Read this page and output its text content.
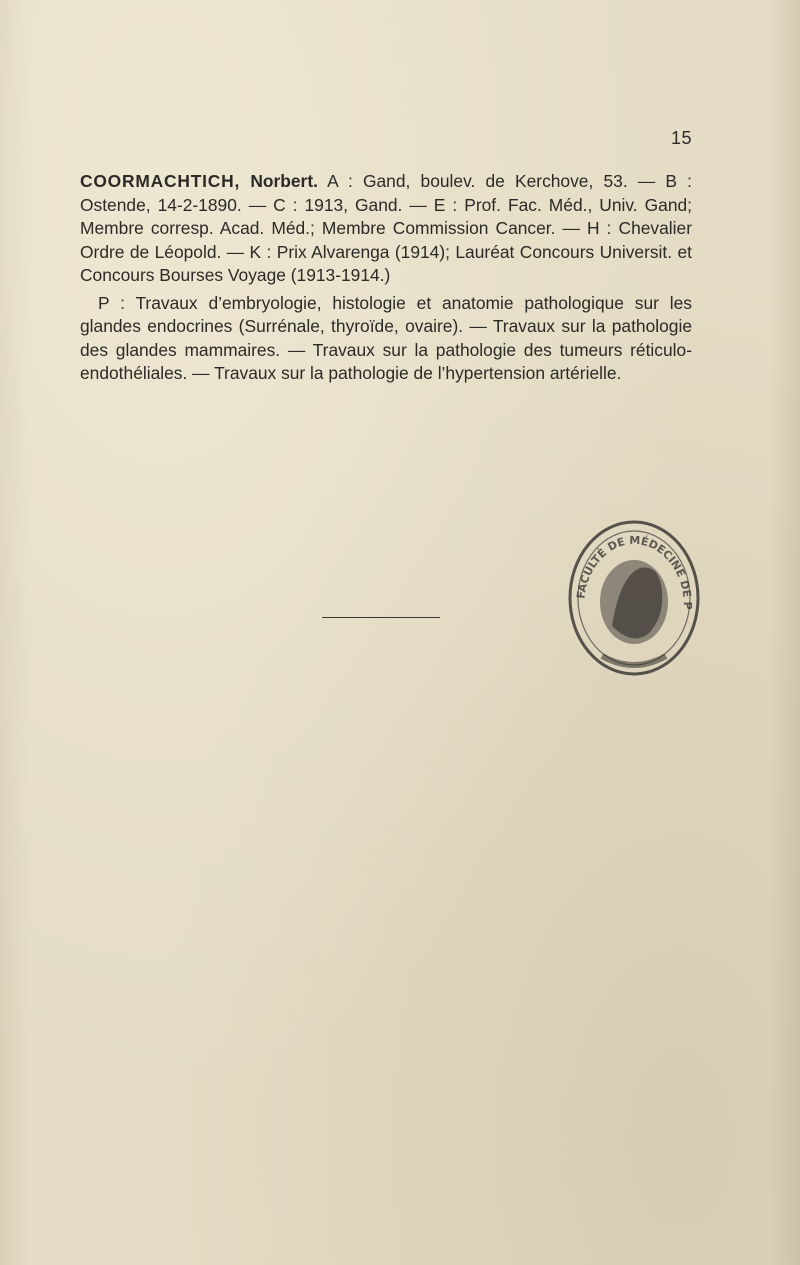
15

COORMACHTICH, Norbert. A : Gand, boulev. de Kerchove, 53. — B : Ostende, 14-2-1890. — C : 1913, Gand. — E : Prof. Fac. Méd., Univ. Gand; Membre corresp. Acad. Méd.; Membre Commission Cancer. — H : Chevalier Ordre de Léopold. — K : Prix Alvarenga (1914); Lauréat Concours Universit. et Concours Bourses Voyage (1913-1914.)

P : Travaux d’embryologie, histologie et anatomie pathologique sur les glandes endocrines (Surrénale, thyroïde, ovaire). — Travaux sur la pathologie des glandes mammaires. — Travaux sur la pathologie des tumeurs réticulo-endothéliales. — Travaux sur la pathologie de l’hypertension artérielle.

FACULTÉ DE MÉDECINE DE P
